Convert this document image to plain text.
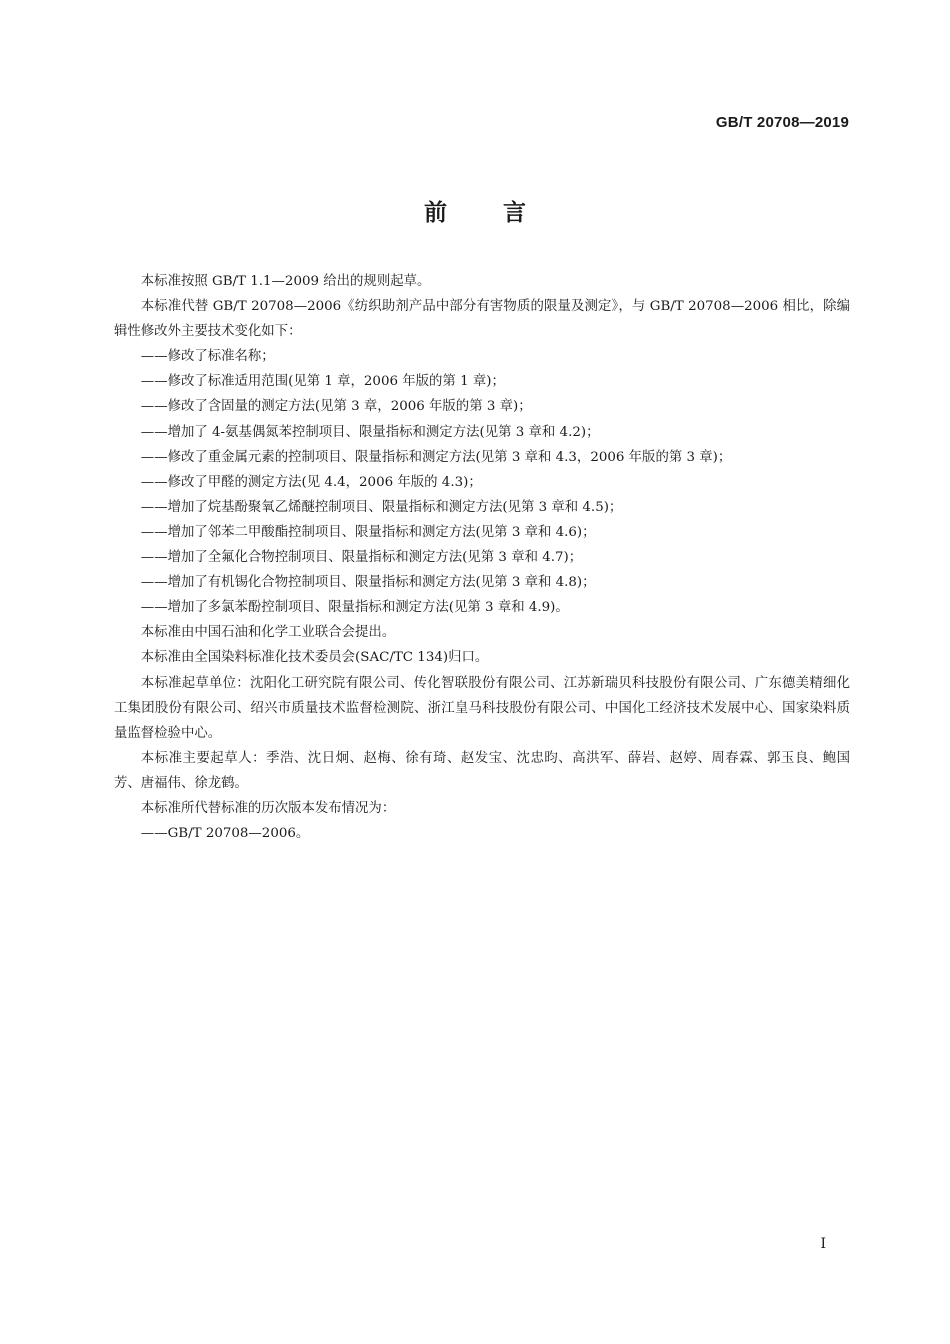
GB/T 20708—2019
前言

本标准按照 GB/T 1.1—2009 给出的规则起草。

本标准代替 GB/T 20708—2006《纺织助剂产品中部分有害物质的限量及测定》，与 GB/T 20708—2006 相比，除编辑性修改外主要技术变化如下：

——修改了标准名称；

——修改了标准适用范围(见第 1 章，2006 年版的第 1 章)；

——修改了含固量的测定方法(见第 3 章，2006 年版的第 3 章)；

——增加了 4-氨基偶氮苯控制项目、限量指标和测定方法(见第 3 章和 4.2)；

——修改了重金属元素的控制项目、限量指标和测定方法(见第 3 章和 4.3，2006 年版的第 3 章)；

——修改了甲醛的测定方法(见 4.4，2006 年版的 4.3)；

——增加了烷基酚聚氧乙烯醚控制项目、限量指标和测定方法(见第 3 章和 4.5)；

——增加了邻苯二甲酸酯控制项目、限量指标和测定方法(见第 3 章和 4.6)；

——增加了全氟化合物控制项目、限量指标和测定方法(见第 3 章和 4.7)；

——增加了有机锡化合物控制项目、限量指标和测定方法(见第 3 章和 4.8)；

——增加了多氯苯酚控制项目、限量指标和测定方法(见第 3 章和 4.9)。

本标准由中国石油和化学工业联合会提出。

本标准由全国染料标准化技术委员会(SAC/TC 134)归口。

本标准起草单位：沈阳化工研究院有限公司、传化智联股份有限公司、江苏新瑞贝科技股份有限公司、广东德美精细化工集团股份有限公司、绍兴市质量技术监督检测院、浙江皇马科技股份有限公司、中国化工经济技术发展中心、国家染料质量监督检验中心。

本标准主要起草人：季浩、沈日炯、赵梅、徐有琦、赵发宝、沈忠昀、高洪军、薛岩、赵婷、周春霖、郭玉良、鲍国芳、唐福伟、徐龙鹤。

本标准所代替标准的历次版本发布情况为：

——GB/T 20708—2006。

I
